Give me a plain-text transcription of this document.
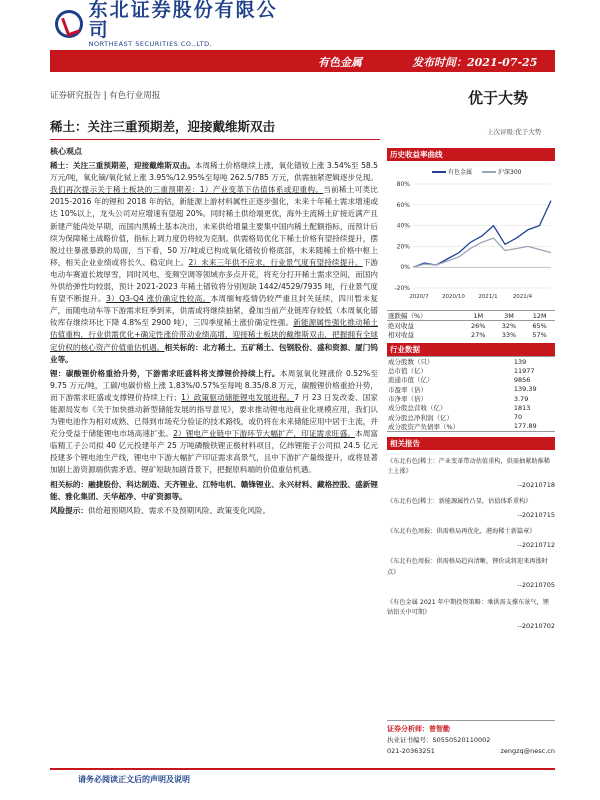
东北证券股份有限公司
NORTHEAST SECURITIES CO.,LTD.
有色金属	发布时间：2021-07-25
证券研究报告 | 有色行业周报	优于大势
稀土：关注三重预期差，迎接戴维斯双击	上次评级:优于大势
核心观点

稀土：关注三重预期差，迎接戴维斯双击。本周稀土价格继续上涨，氧化镨钕上涨 3.54%至 58.5 万元/吨，氧化镝/氧化铽上涨 3.95%/12.95%至每吨 262.5/785 万元，供需抽紧逻辑逐步兑现。我们再次提示关于稀土板块的三重预期差：1）产业变革下估值体系或迎重构。当前稀土可类比 2015-2016 年的锂和 2018 年的钴，新能源上游材料属性正逐步强化，未来十年稀土需求增速或达 10%以上，龙头公司对应增速有望超 20%。同时稀土供给端更优，海外主流稀土矿接近满产且新建产能尚处早期，而国内黑稀土基本决出，未来供给增量主要集中国内稀土配额指标，而预计后续为保障稀土战略价值，指标上调力度仍将较为克制。供需格局优化下稀土价格有望持续提升，摆脱过往暴涨暴跌的局面，当下看，50 万/吨或已构成氧化镨钕价格底部，未来随稀土价格中枢上移，相关企业业绩或将长久、稳定向上。2）未来三年供不应求，行业景气度有望持续提升。下游电动车赛道长坡厚雪，同时风电、变频空调等领域亦多点开花，将充分打开稀土需求空间，而国内外供给弹性均较弱，预计 2021-2023 年稀土镨钕将分别短缺 1442/4529/7935 吨，行业景气度有望不断提升。3）Q3-Q4 涨价确定性较高。本周缅甸疫情仍较严重且封关延续，四川暂未复产，而随电动车等下游需求旺季到来，供需或将继续抽紧，叠加当前产业链库存较低（本周氧化镨钕库存继续环比下降 4.8%至 2900 吨），三四季度稀土涨价确定性强。新能源属性强化推动稀土估值重构，行业供需优化+确定性涨价带动业绩高增，迎接稀土板块的戴维斯双击，把握拥有全球定价权的核心资产价值重估机遇。相关标的：北方稀土、五矿稀土、包钢股份、盛和资源、厦门钨业等。

锂：碳酸锂价格重拾升势，下游需求旺盛料将支撑锂价持续上行。本周氢氧化锂涨价 0.52%至 9.75 万元/吨，工碳/电碳价格上涨 1.83%/0.57%至每吨 8.35/8.8 万元，碳酸锂价格重拾升势，而下游需求旺盛或支撑锂价持续上行；1）政策驱动储能锂电发展进程。7 月 23 日发改委、国家能源局发布《关于加快推动新型储能发展的指导意见》，要求推动锂电池商业化规模应用，我们认为锂电池作为相对成熟、已得到市场充分验证的技术路线，或仍将在未来储能应用中居于主流，并充分受益于储能锂电市场高速扩张。2）锂电产业链中下游环节大幅扩产，印证需求旺盛。本周富临精工子公司拟 40 亿元投建年产 25 万吨磷酸铁锂正极材料项目，亿纬锂能子公司拟 24.5 亿元投建多个锂电池生产线，锂电中下游大幅扩产印证需求高景气，且中下游扩产量级提升，或将显著加剧上游资源端供需矛盾。锂矿短缺加剧背景下，把握原料端的价值重估机遇。

相关标的：融捷股份、科达制造、天齐锂业、江特电机、赣锋锂业、永兴材料、藏格控股、盛新锂能、雅化集团、天华超净、中矿资源等。

风险提示：供给超预期风险、需求不及预期风险、政策变化风险。

历史收益率曲线
有色金属	沪深300
80%
60%
40%
20%
0%
-20%
2020/7 2020/10 2021/1	2021/4
涨跌幅（%）	1M	3M	12M
绝对收益	26%	32%	65%
相对收益	27%	33%	57%
行业数据
成分股数（只）	139
总市值（亿）	11977
流通市值（亿）	9856
市盈率（倍）	139.39
市净率（倍）	3.79
成分股总营收（亿）	1813
成分股总净利润（亿）	70
成分股资产负债率（%）	177.89
相关报告
《东北有色|稀土：产业变革带动估值重构，供需抽紧助推稀土上涨》
--20210718
《东北有色|稀土：新能源属性凸显，估值体系重构》
--20210715
《东北有色周报：供需格局再优化，港海稀土新篇章》
--20210712
《东北有色周报：供需格局趋向清晰，锂价或将迎来再涨时点》
--20210705
《有色金属 2021 年中期投资策略：乘供需支撑东景气，锂钴铝关中可期》
--20210702
证券分析师：曾智勤
执业证书编号：S0550520110002
021-20363251	zengzq@nesc.cn
请务必阅读正文后的声明及说明
